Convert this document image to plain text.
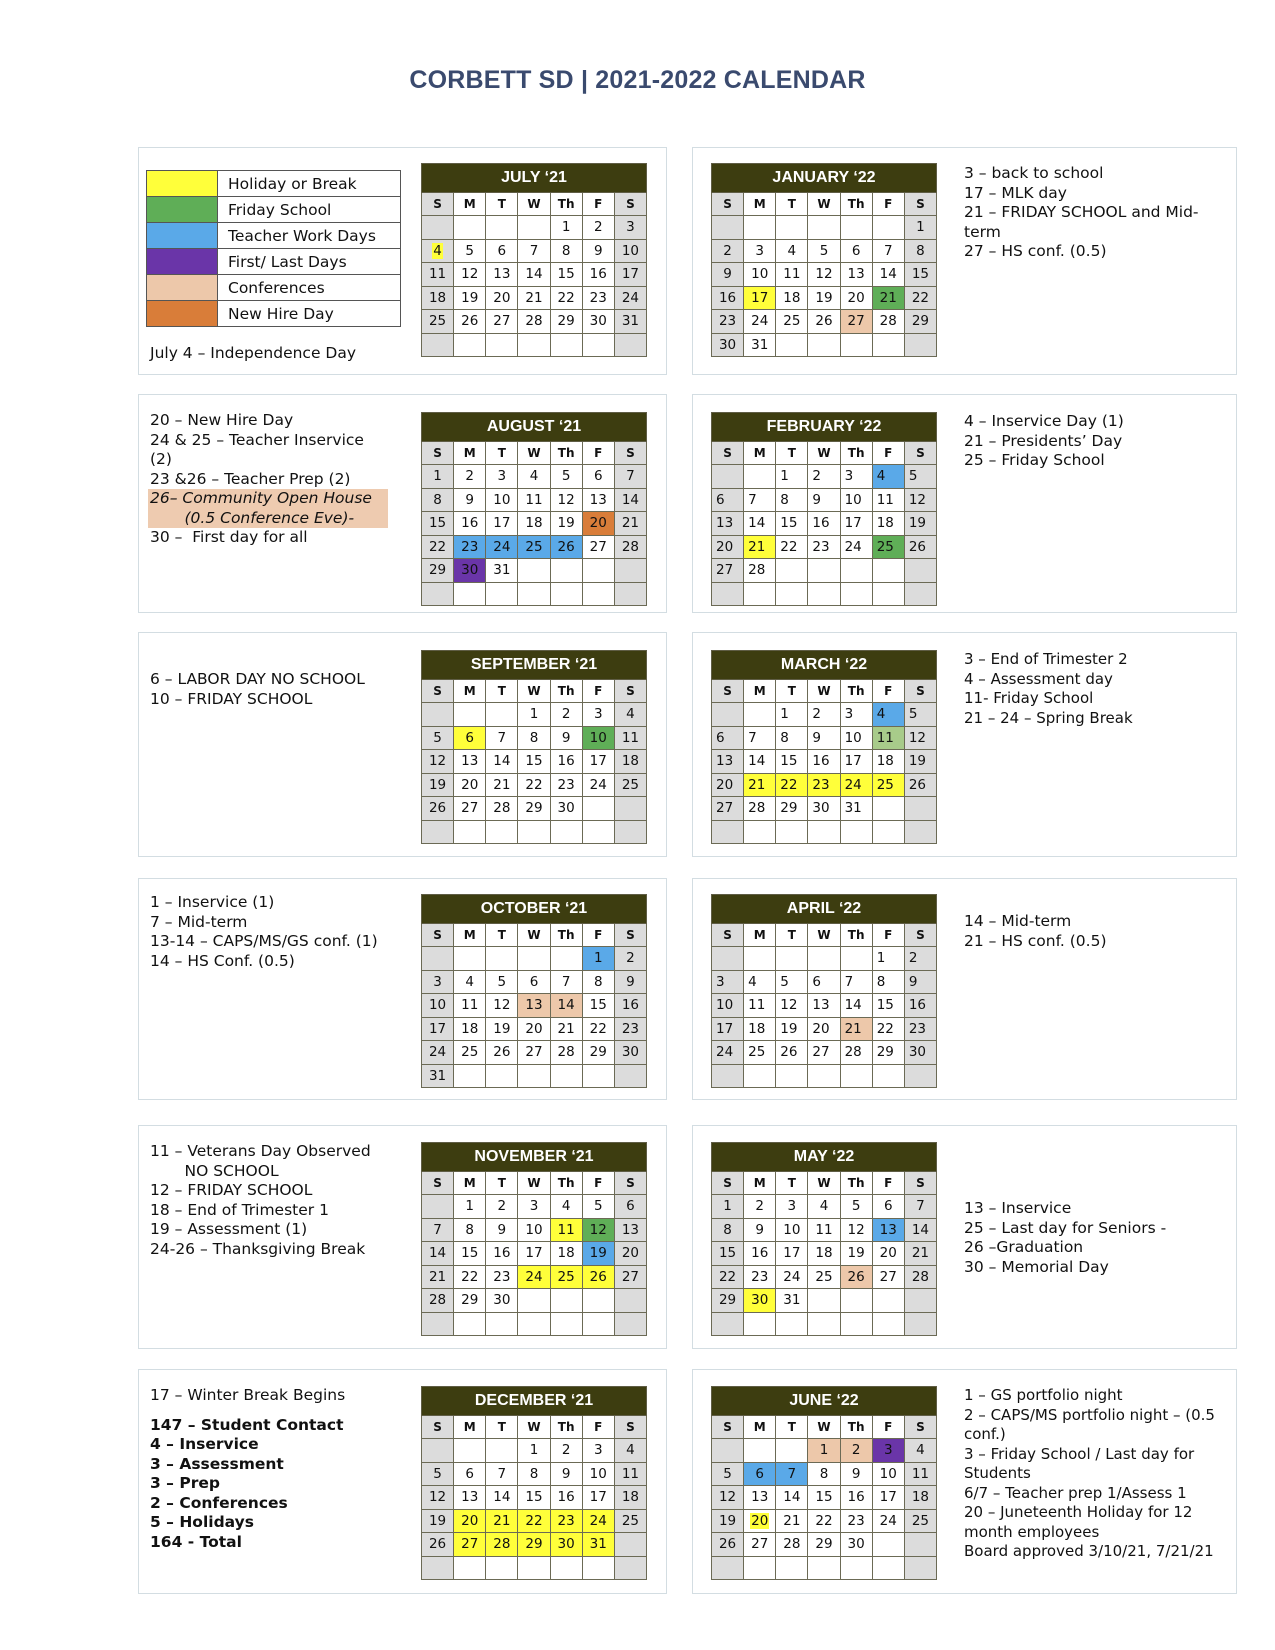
CORBETT SD | 2021-2022 CALENDAR
	Holiday or Break
	Friday School
	Teacher Work Days
	First/ Last Days
	Conferences
	New Hire Day
July 4 – Independence Day
JULY ‘21						
S	M	T	W	Th	F	S
				1	2	3
4	5	6	7	8	9	10
11	12	13	14	15	16	17
18	19	20	21	22	23	24
25	26	27	28	29	30	31

AUGUST ‘21						
S	M	T	W	Th	F	S
1	2	3	4	5	6	7
8	9	10	11	12	13	14
15	16	17	18	19	20	21
22	23	24	25	26	27	28
29	30	31				

SEPTEMBER ‘21						
S	M	T	W	Th	F	S
			1	2	3	4
5	6	7	8	9	10	11
12	13	14	15	16	17	18
19	20	21	22	23	24	25
26	27	28	29	30		

OCTOBER ‘21						
S	M	T	W	Th	F	S
					1	2
3	4	5	6	7	8	9
10	11	12	13	14	15	16
17	18	19	20	21	22	23
24	25	26	27	28	29	30
31						
NOVEMBER ‘21						
S	M	T	W	Th	F	S
	1	2	3	4	5	6
7	8	9	10	11	12	13
14	15	16	17	18	19	20
21	22	23	24	25	26	27
28	29	30				

DECEMBER ‘21						
S	M	T	W	Th	F	S
			1	2	3	4
5	6	7	8	9	10	11
12	13	14	15	16	17	18
19	20	21	22	23	24	25
26	27	28	29	30	31	

JANUARY ‘22						
S	M	T	W	Th	F	S
						1
2	3	4	5	6	7	8
9	10	11	12	13	14	15
16	17	18	19	20	21	22
23	24	25	26	27	28	29
30	31					
FEBRUARY ‘22						
S	M	T	W	Th	F	S
		1	2	3	4	5
6	7	8	9	10	11	12
13	14	15	16	17	18	19
20	21	22	23	24	25	26
27	28					

MARCH ‘22						
S	M	T	W	Th	F	S
		1	2	3	4	5
6	7	8	9	10	11	12
13	14	15	16	17	18	19
20	21	22	23	24	25	26
27	28	29	30	31		

APRIL ‘22						
S	M	T	W	Th	F	S
					1	2
3	4	5	6	7	8	9
10	11	12	13	14	15	16
17	18	19	20	21	22	23
24	25	26	27	28	29	30

MAY ‘22						
S	M	T	W	Th	F	S
1	2	3	4	5	6	7
8	9	10	11	12	13	14
15	16	17	18	19	20	21
22	23	24	25	26	27	28
29	30	31				

JUNE ‘22						
S	M	T	W	Th	F	S
			1	2	3	4
5	6	7	8	9	10	11
12	13	14	15	16	17	18
19	20	21	22	23	24	25
26	27	28	29	30		

20 – New Hire Day
24 & 25 – Teacher Inservice
(2)
23 &26 – Teacher Prep (2)
26– Community Open House
(0.5 Conference Eve)-
30 –  First day for all
6 – LABOR DAY NO SCHOOL
10 – FRIDAY SCHOOL
1 – Inservice (1)
7 – Mid-term
13-14 – CAPS/MS/GS conf. (1)
14 – HS Conf. (0.5)
11 – Veterans Day Observed
NO SCHOOL
12 – FRIDAY SCHOOL
18 – End of Trimester 1
19 – Assessment (1)
24-26 – Thanksgiving Break
17 – Winter Break Begins
147 – Student Contact
4 – Inservice
3 – Assessment
3 – Prep
2 – Conferences
5 – Holidays
164 - Total
3 – back to school
17 – MLK day
21 – FRIDAY SCHOOL and Mid-term
27 – HS conf. (0.5)
4 – Inservice Day (1)
21 – Presidents’ Day
25 – Friday School
3 – End of Trimester 2
4 – Assessment day
11- Friday School
21 – 24 – Spring Break
14 – Mid-term
21 – HS conf. (0.5)
13 – Inservice
25 – Last day for Seniors -
26 –Graduation
30 – Memorial Day
1 – GS portfolio night
2 – CAPS/MS portfolio night – (0.5
conf.)
3 – Friday School / Last day for
Students
6/7 – Teacher prep 1/Assess 1
20 – Juneteenth Holiday for 12
month employees
Board approved 3/10/21, 7/21/21
